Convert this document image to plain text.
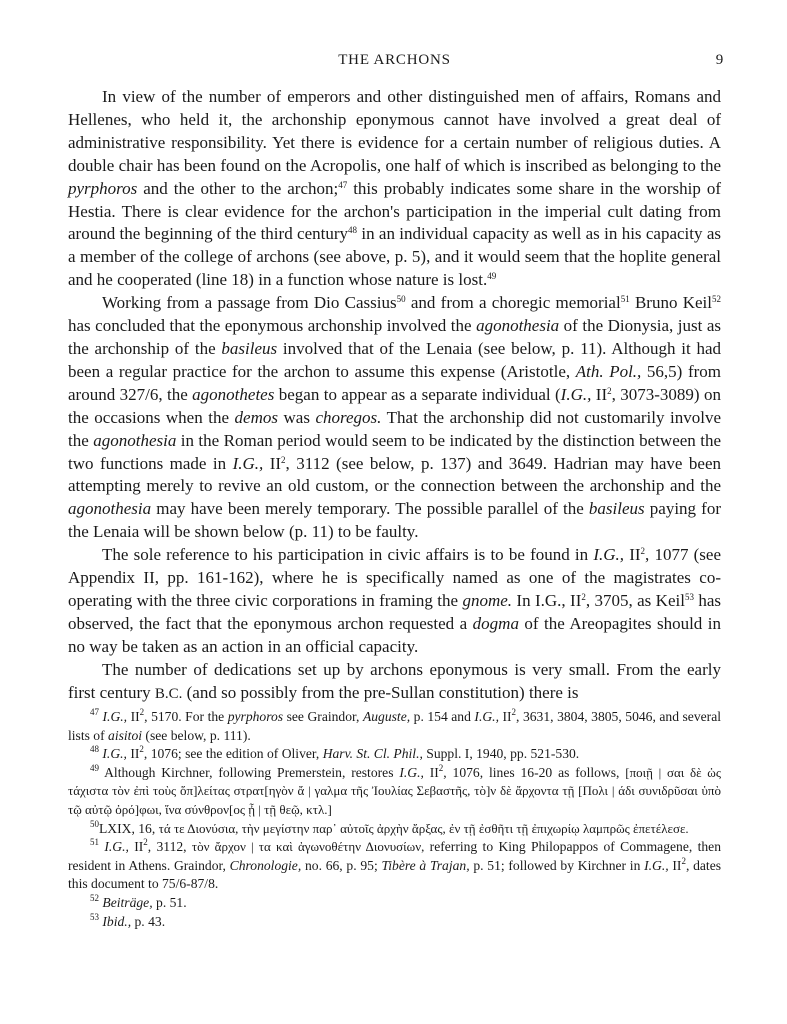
THE ARCHONS	9

In view of the number of emperors and other distinguished men of affairs, Romans and Hellenes, who held it, the archonship eponymous cannot have involved a great deal of administrative responsibility. Yet there is evidence for a certain number of religious duties. A double chair has been found on the Acropolis, one half of which is inscribed as belonging to the pyrphoros and the other to the archon;$^{47}$ this probably indicates some share in the worship of Hestia. There is clear evidence for the archon's participation in the imperial cult dating from around the beginning of the third century$^{48}$ in an individual capacity as well as in his capacity as a member of the college of archons (see above, p. 5), and it would seem that the hoplite general and he cooperated (line 18) in a function whose nature is lost.$^{49}$

Working from a passage from Dio Cassius$^{50}$ and from a choregic memorial$^{51}$ Bruno Keil$^{52}$ has concluded that the eponymous archonship involved the agonothesia of the Dionysia, just as the archonship of the basileus involved that of the Lenaia (see below, p. 11). Although it had been a regular practice for the archon to assume this expense (Aristotle, Ath. Pol., 56,5) from around 327/6, the agonothetes began to appear as a separate individual (I.G., $II^2$, 3073-3089) on the occasions when the demos was choregos. That the archonship did not customarily involve the agonothesia in the Roman period would seem to be indicated by the distinction between the two functions made in I.G., $II^2$, 3112 (see below, p. 137) and 3649. Hadrian may have been attempting merely to revive an old custom, or the connection between the archonship and the agonothesia may have been merely temporary. The possible parallel of the basileus paying for the Lenaia will be shown below (p. 11) to be faulty.

The sole reference to his participation in civic affairs is to be found in I.G., $II^2$, 1077 (see Appendix II, pp. 161-162), where he is specifically named as one of the magistrates co-operating with the three civic corporations in framing the gnome. In I.G., $II^2$, 3705, as Keil$^{53}$ has observed, the fact that the eponymous archon requested a dogma of the Areopagites should in no way be taken as an action in an official capacity.

The number of dedications set up by archons eponymous is very small. From the early first century B.C. (and so possibly from the pre-Sullan constitution) there is

$^{47}$ I.G., $II^2$, 5170. For the pyrphoros see Graindor, Auguste, p. 154 and I.G., $II^2$, 3631, 3804, 3805, 5046, and several lists of aisitoi (see below, p. 111).

$^{48}$ I.G., $II^2$, 1076; see the edition of Oliver, Harv. St. Cl. Phil., Suppl. I, 1940, pp. 521-530.

$^{49}$ Although Kirchner, following Premerstein, restores I.G., $II^2$, 1076, lines 16-20 as follows, [ποιῇ | σαι δὲ ὡς τάχιστα τὸν ἐπὶ τοὺς ὅπ]λείτας στρατ[ηγὸν ἄ | γαλμα τῆς Ἰουλίας Σεβαστῆς, τὸ]ν δὲ ἄρχοντα τῇ [Πολι | άδι συνιδρῦσαι ὑπὸ τῷ αὐτῷ ὀρό]φωι, ἵνα σύνθρον[ος ᾖ | τῇ θεῷ, κτλ.]

$^{50}$LXIX, 16, τά τε Διονύσια, τὴν μεγίστην παρ᾽ αὐτοῖς ἀρχὴν ἄρξας, ἐν τῇ ἐσθῆτι τῇ ἐπιχωρίῳ λαμπρῶς ἐπετέλεσε.

$^{51}$ I.G., $II^2$, 3112, τὸν ἄρχον | τα καὶ ἀγωνοθέτην Διονυσίων, referring to King Philopappos of Commagene, then resident in Athens. Graindor, Chronologie, no. 66, p. 95; Tibère à Trajan, p. 51; followed by Kirchner in I.G., $II^2$, dates this document to 75/6-87/8.

$^{52}$ Beiträge, p. 51.

$^{53}$ Ibid., p. 43.
